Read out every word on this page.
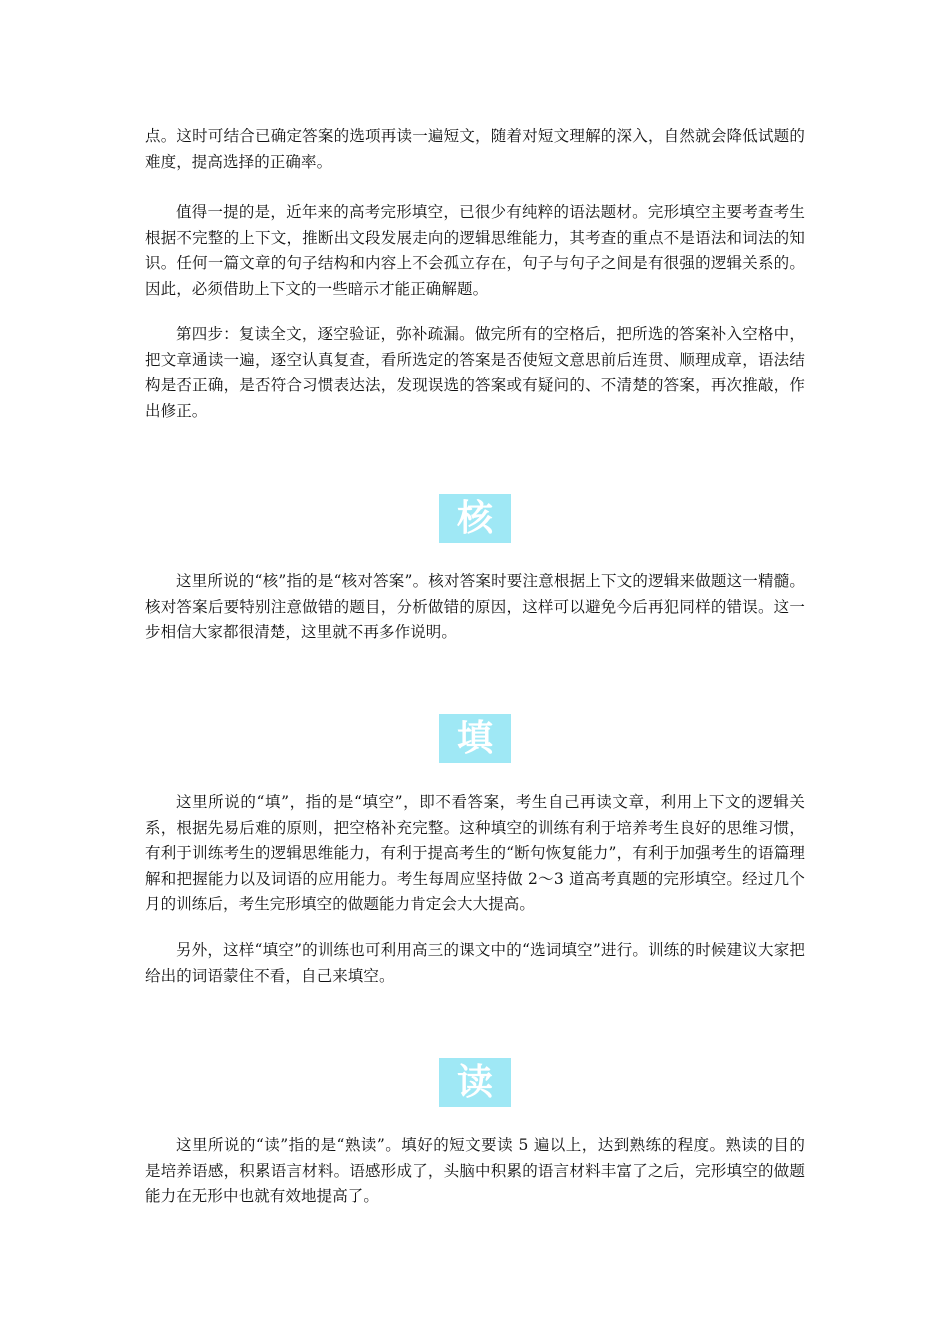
点。这时可结合已确定答案的选项再读一遍短文，随着对短文理解的深入，自然就会降低试题的难度，提高选择的正确率。

值得一提的是，近年来的高考完形填空，已很少有纯粹的语法题材。完形填空主要考查考生根据不完整的上下文，推断出文段发展走向的逻辑思维能力，其考查的重点不是语法和词法的知识。任何一篇文章的句子结构和内容上不会孤立存在，句子与句子之间是有很强的逻辑关系的。因此，必须借助上下文的一些暗示才能正确解题。

第四步：复读全文，逐空验证，弥补疏漏。做完所有的空格后，把所选的答案补入空格中，把文章通读一遍，逐空认真复查，看所选定的答案是否使短文意思前后连贯、顺理成章，语法结构是否正确，是否符合习惯表达法，发现误选的答案或有疑问的、不清楚的答案，再次推敲，作出修正。

核

这里所说的“核”指的是“核对答案”。核对答案时要注意根据上下文的逻辑来做题这一精髓。核对答案后要特别注意做错的题目，分析做错的原因，这样可以避免今后再犯同样的错误。这一步相信大家都很清楚，这里就不再多作说明。

填

这里所说的“填”，指的是“填空”，即不看答案，考生自己再读文章，利用上下文的逻辑关系，根据先易后难的原则，把空格补充完整。这种填空的训练有利于培养考生良好的思维习惯，有利于训练考生的逻辑思维能力，有利于提高考生的“断句恢复能力”，有利于加强考生的语篇理解和把握能力以及词语的应用能力。考生每周应坚持做 2～3 道高考真题的完形填空。经过几个月的训练后，考生完形填空的做题能力肯定会大大提高。

另外，这样“填空”的训练也可利用高三的课文中的“选词填空”进行。训练的时候建议大家把给出的词语蒙住不看，自己来填空。

读

这里所说的“读”指的是“熟读”。填好的短文要读 5 遍以上，达到熟练的程度。熟读的目的是培养语感，积累语言材料。语感形成了，头脑中积累的语言材料丰富了之后，完形填空的做题能力在无形中也就有效地提高了。
